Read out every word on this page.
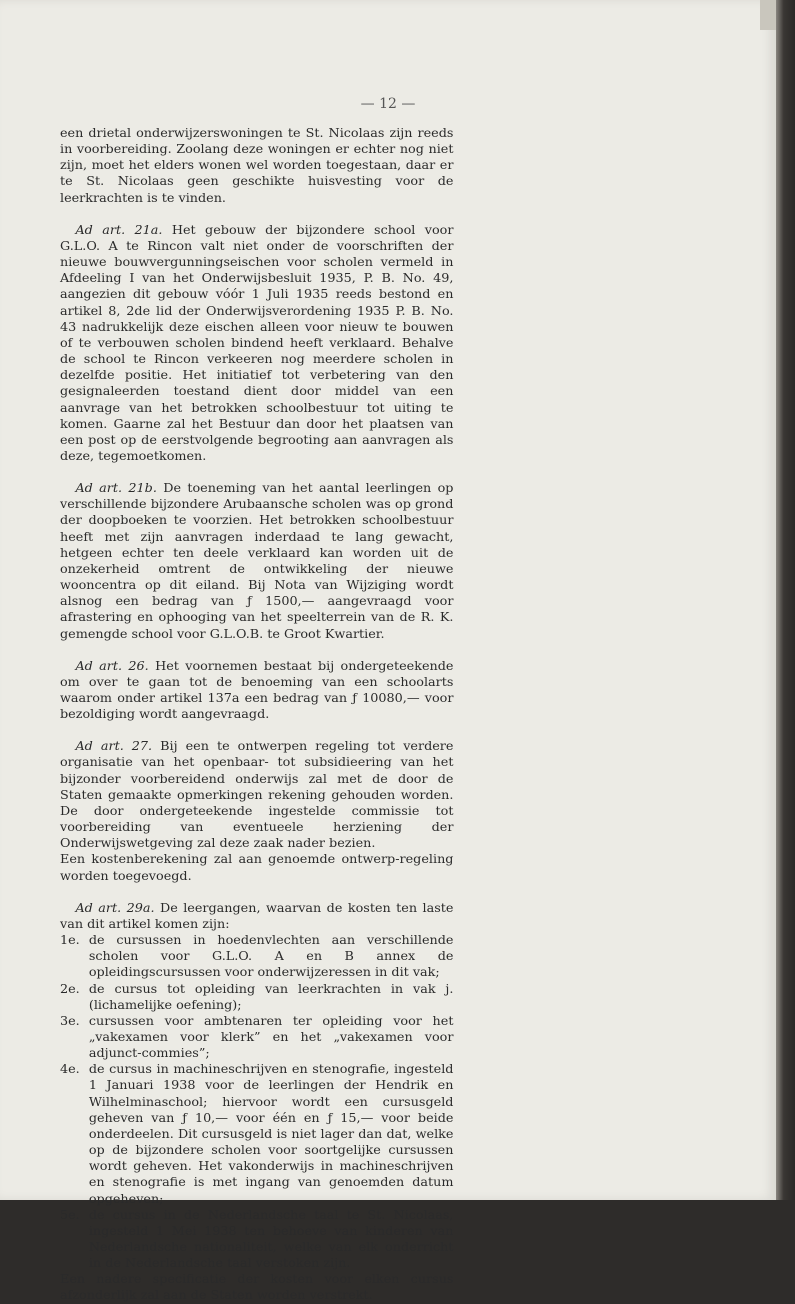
— 12 —

een drietal onderwijzerswoningen te St. Nicolaas zijn reeds in voorbereiding. Zoolang deze woningen er echter nog niet zijn, moet het elders wonen wel worden toegestaan, daar er te St. Nicolaas geen geschikte huisvesting voor de leerkrachten is te vinden.

Ad art. 21a. Het gebouw der bijzondere school voor G.L.O. A te Rincon valt niet onder de voorschriften der nieuwe bouwvergunningseischen voor scholen vermeld in Afdeeling I van het Onderwijsbesluit 1935, P. B. No. 49, aangezien dit gebouw vóór 1 Juli 1935 reeds bestond en artikel 8, 2de lid der Onderwijsverordening 1935 P. B. No. 43 nadrukkelijk deze eischen alleen voor nieuw te bouwen of te verbouwen scholen bindend heeft verklaard. Behalve de school te Rincon verkeeren nog meerdere scholen in dezelfde positie. Het initiatief tot verbetering van den gesignaleerden toestand dient door middel van een aanvrage van het betrokken schoolbestuur tot uiting te komen. Gaarne zal het Bestuur dan door het plaatsen van een post op de eerstvolgende begrooting aan aanvragen als deze, tegemoetkomen.

Ad art. 21b. De toeneming van het aantal leerlingen op verschillende bijzondere Arubaansche scholen was op grond der doopboeken te voorzien. Het betrokken schoolbestuur heeft met zijn aanvragen inderdaad te lang gewacht, hetgeen echter ten deele verklaard kan worden uit de onzekerheid omtrent de ontwikkeling der nieuwe wooncentra op dit eiland. Bij Nota van Wijziging wordt alsnog een bedrag van ƒ 1500,— aangevraagd voor afrastering en ophooging van het speelterrein van de R. K. gemengde school voor G.L.O.B. te Groot Kwartier.

Ad art. 26. Het voornemen bestaat bij ondergeteekende om over te gaan tot de benoeming van een schoolarts waarom onder artikel 137a een bedrag van ƒ 10080,— voor bezoldiging wordt aangevraagd.

Ad art. 27. Bij een te ontwerpen regeling tot verdere organisatie van het openbaar- tot subsidieering van het bijzonder voorbereidend onderwijs zal met de door de Staten gemaakte opmerkingen rekening gehouden worden. De door ondergeteekende ingestelde commissie tot voorbereiding van eventueele herziening der Onderwijswetgeving zal deze zaak nader bezien.

Een kostenberekening zal aan genoemde ontwerp-regeling worden toegevoegd.

Ad art. 29a. De leergangen, waarvan de kosten ten laste van dit artikel komen zijn:

1e. de cursussen in hoedenvlechten aan verschillende scholen voor G.L.O. A en B annex de opleidingscursussen voor onderwijzeressen in dit vak;
2e. de cursus tot opleiding van leerkrachten in vak j. (lichamelijke oefening);
3e. cursussen voor ambtenaren ter opleiding voor het „vakexamen voor klerk” en het „vakexamen voor adjunct-commies”;
4e. de cursus in machineschrijven en stenografie, ingesteld 1 Januari 1938 voor de leerlingen der Hendrik en Wilhelminaschool; hiervoor wordt een cursusgeld geheven van ƒ 10,— voor één en ƒ 15,— voor beide onderdeelen. Dit cursusgeld is niet lager dan dat, welke op de bijzondere scholen voor soortgelijke cursussen wordt geheven. Het vakonderwijs in machineschrijven en stenografie is met ingang van genoemden datum opgeheven;
5e. de cursus in de Nederlandsche taal te St. Nicolaas, ingesteld 1 Mei 1938 ten behoeve van kinderen van Nederlandsche nationaliteit, welke van elk onderricht in de Nederlandsche taal verstoken zijn.

Een nadere specificatie der kosten voor elken cursus afzonderlijk zal aan de Staten worden verstrekt.
